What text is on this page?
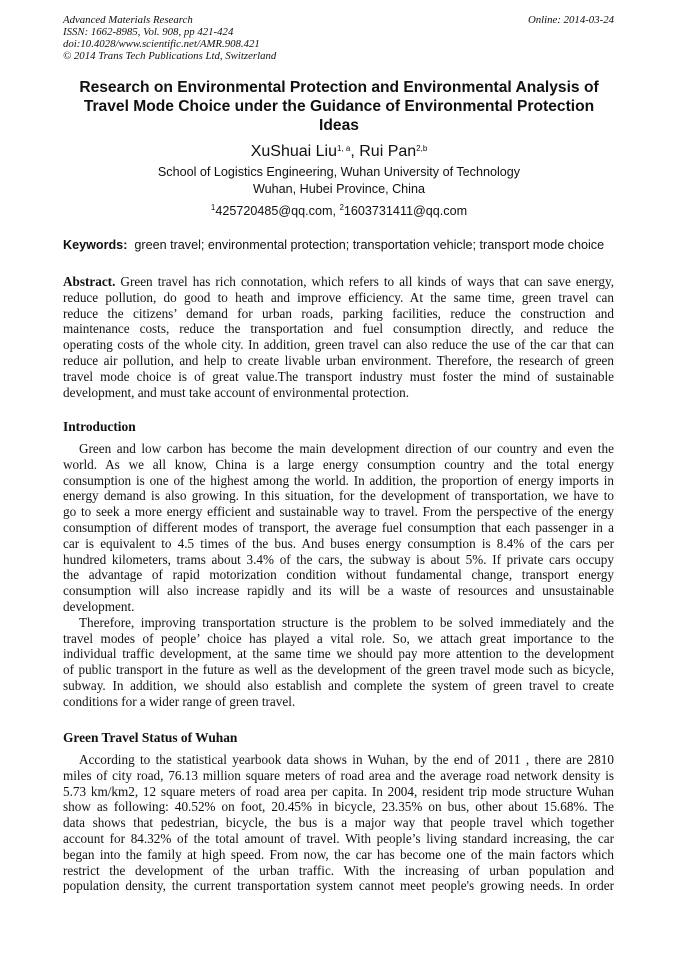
Advanced Materials Research
ISSN: 1662-8985, Vol. 908, pp 421-424
doi:10.4028/www.scientific.net/AMR.908.421
© 2014 Trans Tech Publications Ltd, Switzerland
Online: 2014-03-24
Research on Environmental Protection and Environmental Analysis of
Travel Mode Choice under the Guidance of Environmental Protection
Ideas
XuShuai Liu$^{1, a}$, Rui Pan$^{2,b}$
School of Logistics Engineering, Wuhan University of Technology
Wuhan, Hubei Province, China
$^1$425720485@qq.com, $^2$1603731411@qq.com
Keywords:  green travel; environmental protection; transportation vehicle; transport mode choice
Abstract. Green travel has rich connotation, which refers to all kinds of ways that can save energy,
reduce pollution, do good to heath and improve efficiency. At the same time, green travel can
reduce the citizens’ demand for urban roads, parking facilities, reduce the construction and
maintenance costs, reduce the transportation and fuel consumption directly, and reduce the
operating costs of the whole city. In addition, green travel can also reduce the use of the car that can
reduce air pollution, and help to create livable urban environment. Therefore, the research of green
travel mode choice is of great value.The transport industry must foster the mind of sustainable
development, and must take account of environmental protection.
Introduction
Green and low carbon has become the main development direction of our country and even the
world. As we all know, China is a large energy consumption country and the total energy
consumption is one of the highest among the world. In addition, the proportion of energy imports in
energy demand is also growing. In this situation, for the development of transportation, we have to
go to seek a more energy efficient and sustainable way to travel. From the perspective of the energy
consumption of different modes of transport, the average fuel consumption that each passenger in a
car is equivalent to 4.5 times of the bus. And buses energy consumption is 8.4% of the cars per
hundred kilometers, trams about 3.4% of the cars, the subway is about 5%. If private cars occupy
the advantage of rapid motorization condition without fundamental change, transport energy
consumption will also increase rapidly and its will be a waste of resources and unsustainable
development.
Therefore, improving transportation structure is the problem to be solved immediately and the
travel modes of people’ choice has played a vital role. So, we attach great importance to the
individual traffic development, at the same time we should pay more attention to the development
of public transport in the future as well as the development of the green travel mode such as bicycle,
subway. In addition, we should also establish and complete the system of green travel to create
conditions for a wider range of green travel.
Green Travel Status of Wuhan
According to the statistical yearbook data shows in Wuhan, by the end of 2011 , there are 2810
miles of city road, 76.13 million square meters of road area and the average road network density is
5.73 km/km2, 12 square meters of road area per capita. In 2004, resident trip mode structure Wuhan
show as following: 40.52% on foot, 20.45% in bicycle, 23.35% on bus, other about 15.68%. The
data shows that pedestrian, bicycle, the bus is a major way that people travel which together
account for 84.32% of the total amount of travel. With people’s living standard increasing, the car
began into the family at high speed. From now, the car has become one of the main factors which
restrict the development of the urban traffic. With the increasing of urban population and
population density, the current transportation system cannot meet people's growing needs. In order
